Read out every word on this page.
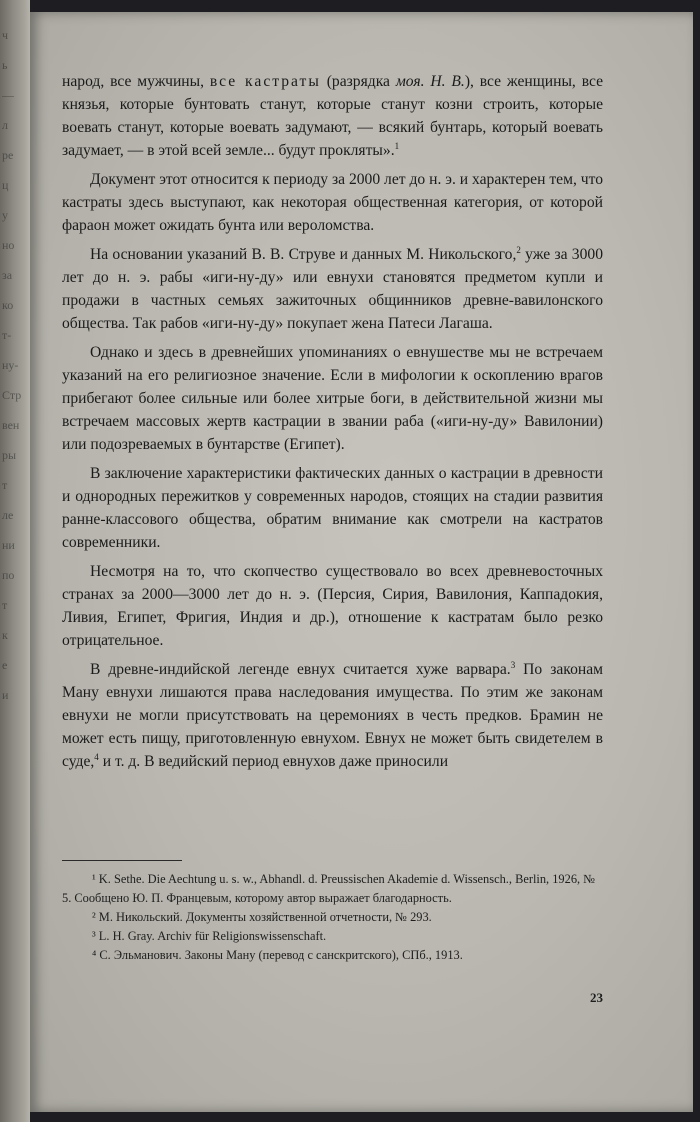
ч
ь
—
л
ре
ц
у
но
за
ко
т-
ну-
Стр
вен
ры
т
ле
ни
по
т
к
е
и

народ, все мужчины, все кастраты (разрядка моя. Н. В.), все женщины, все князья, которые бунтовать станут, которые станут козни строить, которые воевать станут, которые воевать задумают, — всякий бунтарь, который воевать задумает, — в этой всей земле... будут прокляты».$^1$

Документ этот относится к периоду за 2000 лет до н. э. и характерен тем, что кастраты здесь выступают, как некоторая общественная категория, от которой фараон может ожидать бунта или вероломства.

На основании указаний В. В. Струве и данных М. Никольского,$^2$ уже за 3000 лет до н. э. рабы «иги-ну-ду» или евнухи становятся предметом купли и продажи в частных семьях зажиточных общинников древне-вавилонского общества. Так рабов «иги-ну-ду» покупает жена Патеси Лагаша.

Однако и здесь в древнейших упоминаниях о евнушестве мы не встречаем указаний на его религиозное значение. Если в мифологии к оскоплению врагов прибегают более сильные или более хитрые боги, в действительной жизни мы встречаем массовых жертв кастрации в звании раба («иги-ну-ду» Вавилонии) или подозреваемых в бунтарстве (Египет).

В заключение характеристики фактических данных о кастрации в древности и однородных пережитков у современных народов, стоящих на стадии развития ранне-классового общества, обратим внимание как смотрели на кастратов современники.

Несмотря на то, что скопчество существовало во всех древневосточных странах за 2000—3000 лет до н. э. (Персия, Сирия, Вавилония, Каппадокия, Ливия, Египет, Фригия, Индия и др.), отношение к кастратам было резко отрицательное.

В древне-индийской легенде евнух считается хуже варвара.$^3$ По законам Ману евнухи лишаются права наследования имущества. По этим же законам евнухи не могли присутствовать на церемониях в честь предков. Брамин не может есть пищу, приготовленную евнухом. Евнух не может быть свидетелем в суде,$^4$ и т. д. В ведийский период евнухов даже приносили

¹ K. Sethe. Die Aechtung u. s. w., Abhandl. d. Preussischen Akademie d. Wissensch., Berlin, 1926, № 5. Сообщено Ю. П. Францевым, которому автор выражает благодарность.
² М. Никольский. Документы хозяйственной отчетности, № 293.
³ L. H. Gray. Archiv für Religionswissenschaft.
⁴ С. Эльманович. Законы Ману (перевод с санскритского), СПб., 1913.
23
